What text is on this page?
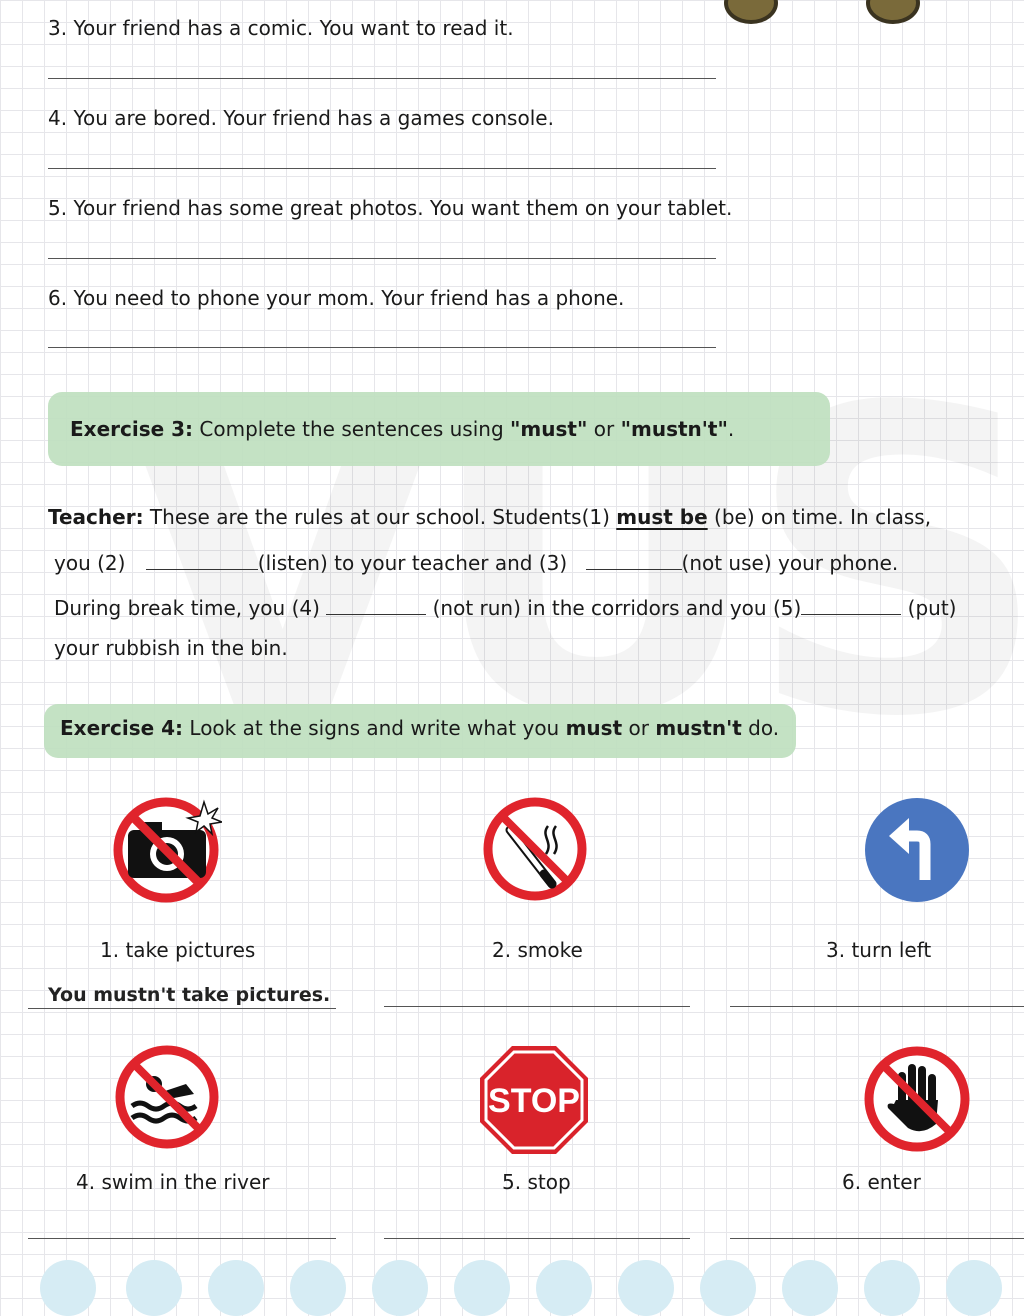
3. Your friend has a comic. You want to read it.
4. You are bored. Your friend has a games console.
5. Your friend has some great photos. You want them on your tablet.
6. You need to phone your mom. Your friend has a phone.
Exercise 3: Complete the sentences using "must" or "mustn't".
Teacher: These are the rules at our school. Students(1) must be (be) on time. In class,
you (2)	(listen) to your teacher and (3)	(not use) your phone.
During break time, you (4)	(not run) in the corridors and you (5)	(put)
your rubbish in the bin.
Exercise 4: Look at the signs and write what you must or mustn't do.
1. take pictures	2. smoke	3. turn left
You mustn't take pictures.
STOP
4. swim in the river	5. stop	6. enter
